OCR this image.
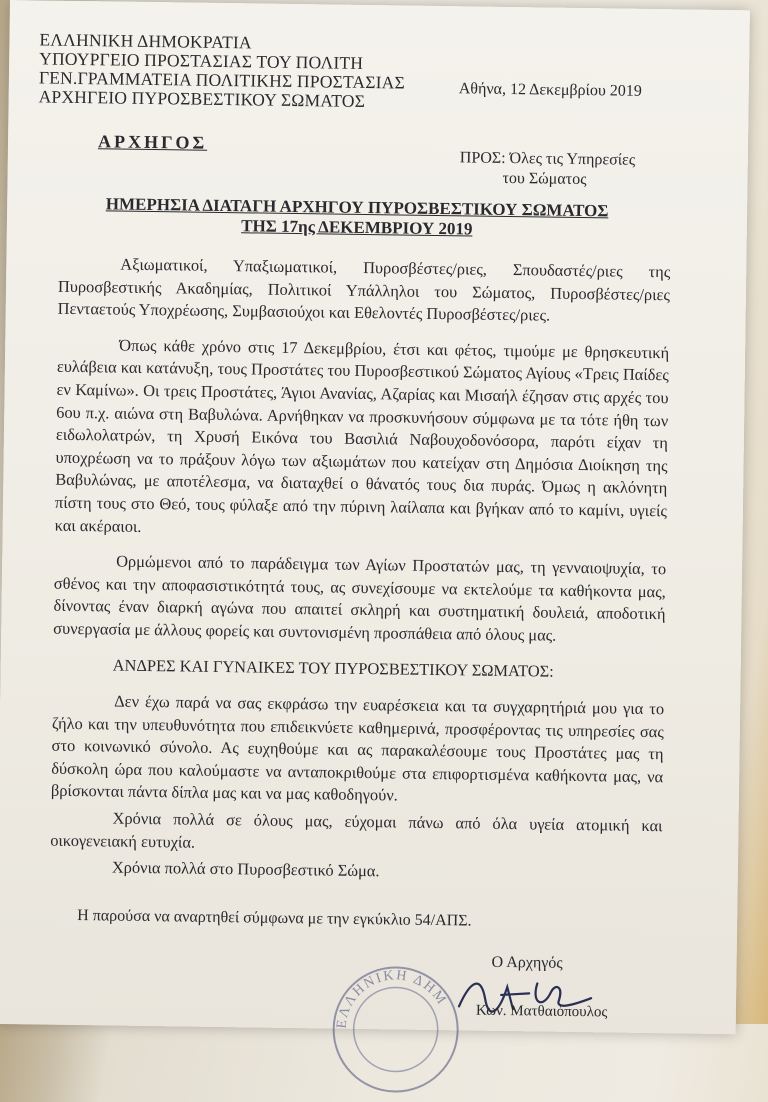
ΕΛΛΗΝΙΚΗ ΔΗΜΟΚΡΑΤΙΑ
ΥΠΟΥΡΓΕΙΟ ΠΡΟΣΤΑΣΙΑΣ ΤΟΥ ΠΟΛΙΤΗ
ΓΕΝ.ΓΡΑΜΜΑΤΕΙΑ ΠΟΛΙΤΙΚΗΣ ΠΡΟΣΤΑΣΙΑΣ
ΑΡΧΗΓΕΙΟ ΠΥΡΟΣΒΕΣΤΙΚΟΥ ΣΩΜΑΤΟΣ	Αθήνα, 12 Δεκεμβρίου 2019
ΑΡΧΗΓΟΣ
ΠΡΟΣ: Όλες τις Υπηρεσίες
του Σώματος
ΗΜΕΡΗΣΙΑ ΔΙΑΤΑΓΗ ΑΡΧΗΓΟΥ ΠΥΡΟΣΒΕΣΤΙΚΟΥ ΣΩΜΑΤΟΣ
ΤΗΣ 17ης ΔΕΚΕΜΒΡΙΟΥ 2019

Αξιωματικοί, Υπαξιωματικοί, Πυροσβέστες/ριες, Σπουδαστές/ριες της Πυροσβεστικής Ακαδημίας, Πολιτικοί Υπάλληλοι του Σώματος, Πυροσβέστες/ριες Πενταετούς Υποχρέωσης, Συμβασιούχοι και Εθελοντές Πυροσβέστες/ριες.

Όπως κάθε χρόνο στις 17 Δεκεμβρίου, έτσι και φέτος, τιμούμε με θρησκευτική ευλάβεια και κατάνυξη, τους Προστάτες του Πυροσβεστικού Σώματος Αγίους «Τρεις Παίδες εν Καμίνω». Οι τρεις Προστάτες, Άγιοι Ανανίας, Αζαρίας και Μισαήλ έζησαν στις αρχές του 6ου π.χ. αιώνα στη Βαβυλώνα. Αρνήθηκαν να προσκυνήσουν σύμφωνα με τα τότε ήθη των ειδωλολατρών, τη Χρυσή Εικόνα του Βασιλιά Ναβουχοδονόσορα, παρότι είχαν τη υποχρέωση να το πράξουν λόγω των αξιωμάτων που κατείχαν στη Δημόσια Διοίκηση της Βαβυλώνας, με αποτέλεσμα, να διαταχθεί ο θάνατός τους δια πυράς. Όμως η ακλόνητη πίστη τους στο Θεό, τους φύλαξε από την πύρινη λαίλαπα και βγήκαν από το καμίνι, υγιείς και ακέραιοι.

Ορμώμενοι από το παράδειγμα των Αγίων Προστατών μας, τη γενναιοψυχία, το σθένος και την αποφασιστικότητά τους, ας συνεχίσουμε να εκτελούμε τα καθήκοντα μας, δίνοντας έναν διαρκή αγώνα που απαιτεί σκληρή και συστηματική δουλειά, αποδοτική συνεργασία με άλλους φορείς και συντονισμένη προσπάθεια από όλους μας.

ΑΝΔΡΕΣ ΚΑΙ ΓΥΝΑΙΚΕΣ ΤΟΥ ΠΥΡΟΣΒΕΣΤΙΚΟΥ ΣΩΜΑΤΟΣ:

Δεν έχω παρά να σας εκφράσω την ευαρέσκεια και τα συγχαρητήριά μου για το ζήλο και την υπευθυνότητα που επιδεικνύετε καθημερινά, προσφέροντας τις υπηρεσίες σας στο κοινωνικό σύνολο. Ας ευχηθούμε και ας παρακαλέσουμε τους Προστάτες μας τη δύσκολη ώρα που καλούμαστε να ανταποκριθούμε στα επιφορτισμένα καθήκοντα μας, να βρίσκονται πάντα δίπλα μας και να μας καθοδηγούν.

Χρόνια πολλά σε όλους μας, εύχομαι πάνω από όλα υγεία ατομική και οικογενειακή ευτυχία.

Χρόνια πολλά στο Πυροσβεστικό Σώμα.

Η παρούσα να αναρτηθεί σύμφωνα με την εγκύκλιο 54/ΑΠΣ.
ΕΛΛΗΝΙΚΗ ΔΗΜ
Ο Αρχηγός
Κων. Ματθαιόπουλος
